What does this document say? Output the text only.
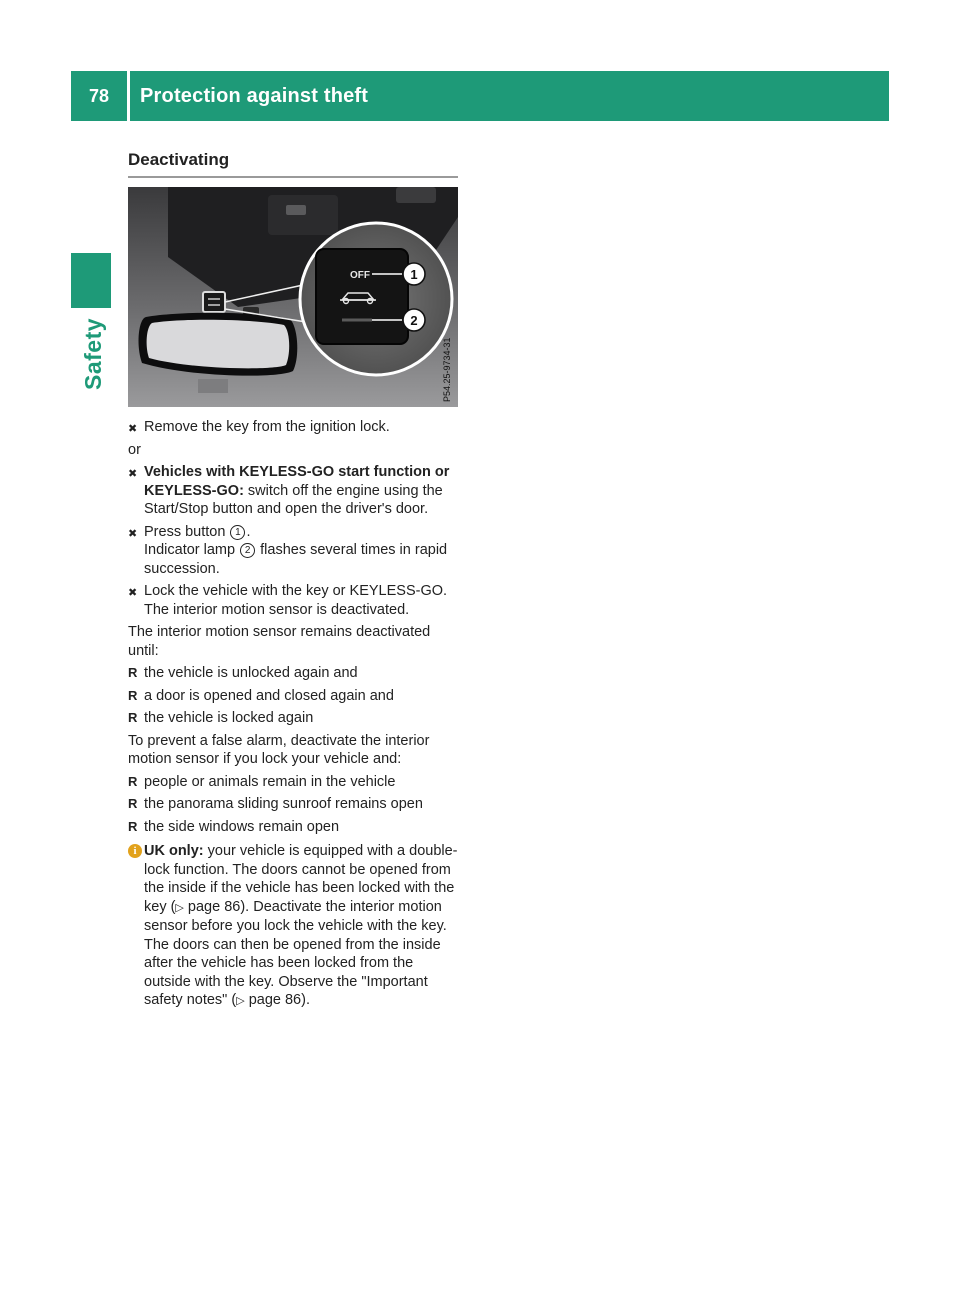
78	Protection against theft
Safety
Deactivating
OFF	1
2
P54.25-9734-31
✖ Remove the key from the ignition lock.
or
✖ Vehicles with KEYLESS-GO start function or KEYLESS-GO: switch off the engine using the Start/Stop button and open the driver's door.
✖ Press button 1 .
Indicator lamp 2 flashes several times in rapid succession.
✖ Lock the vehicle with the key or KEYLESS-GO.
The interior motion sensor is deactivated.
The interior motion sensor remains deactivated until:
R the vehicle is unlocked again and
R a door is opened and closed again and
R the vehicle is locked again
To prevent a false alarm, deactivate the interior motion sensor if you lock your vehicle and:
R people or animals remain in the vehicle
R the panorama sliding sunroof remains open
R the side windows remain open
i UK only: your vehicle is equipped with a double-lock function. The doors cannot be opened from the inside if the vehicle has been locked with the key (▷ page 86). Deactivate the interior motion sensor before you lock the vehicle with the key. The doors can then be opened from the inside after the vehicle has been locked from the outside with the key. Observe the "Important safety notes" (▷ page 86).
